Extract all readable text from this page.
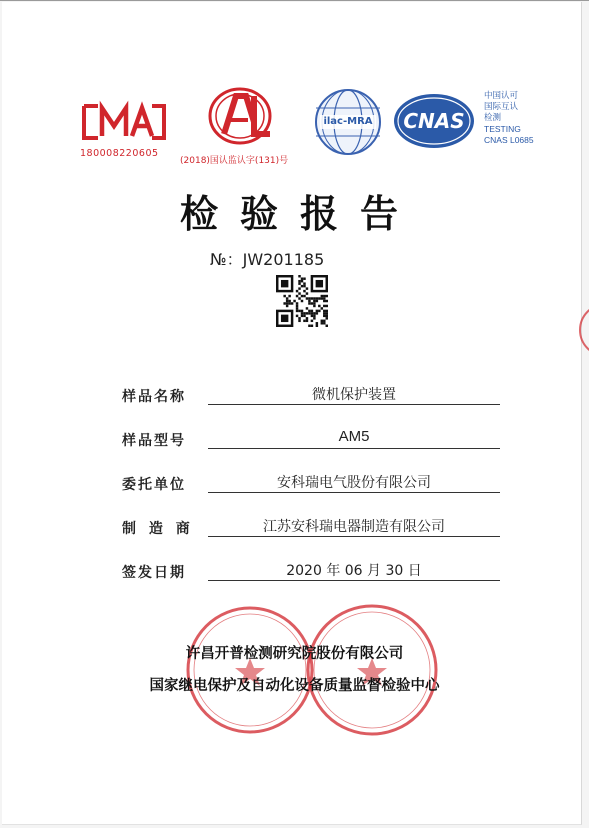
180008220605
(2018)国认监认字(131)号
ilac-MRA	CNAS
中国认可
国际互认
检测
TESTING
CNAS L0685
检验报告
№：JW201185
样品名称	微机保护装置
样品型号	AM5
委托单位	安科瑞电气股份有限公司
制 造 商	江苏安科瑞电器制造有限公司
签发日期	2020 年 06 月 30 日
许昌开普检测研究院股份有限公司
国家继电保护及自动化设备质量监督检验中心
